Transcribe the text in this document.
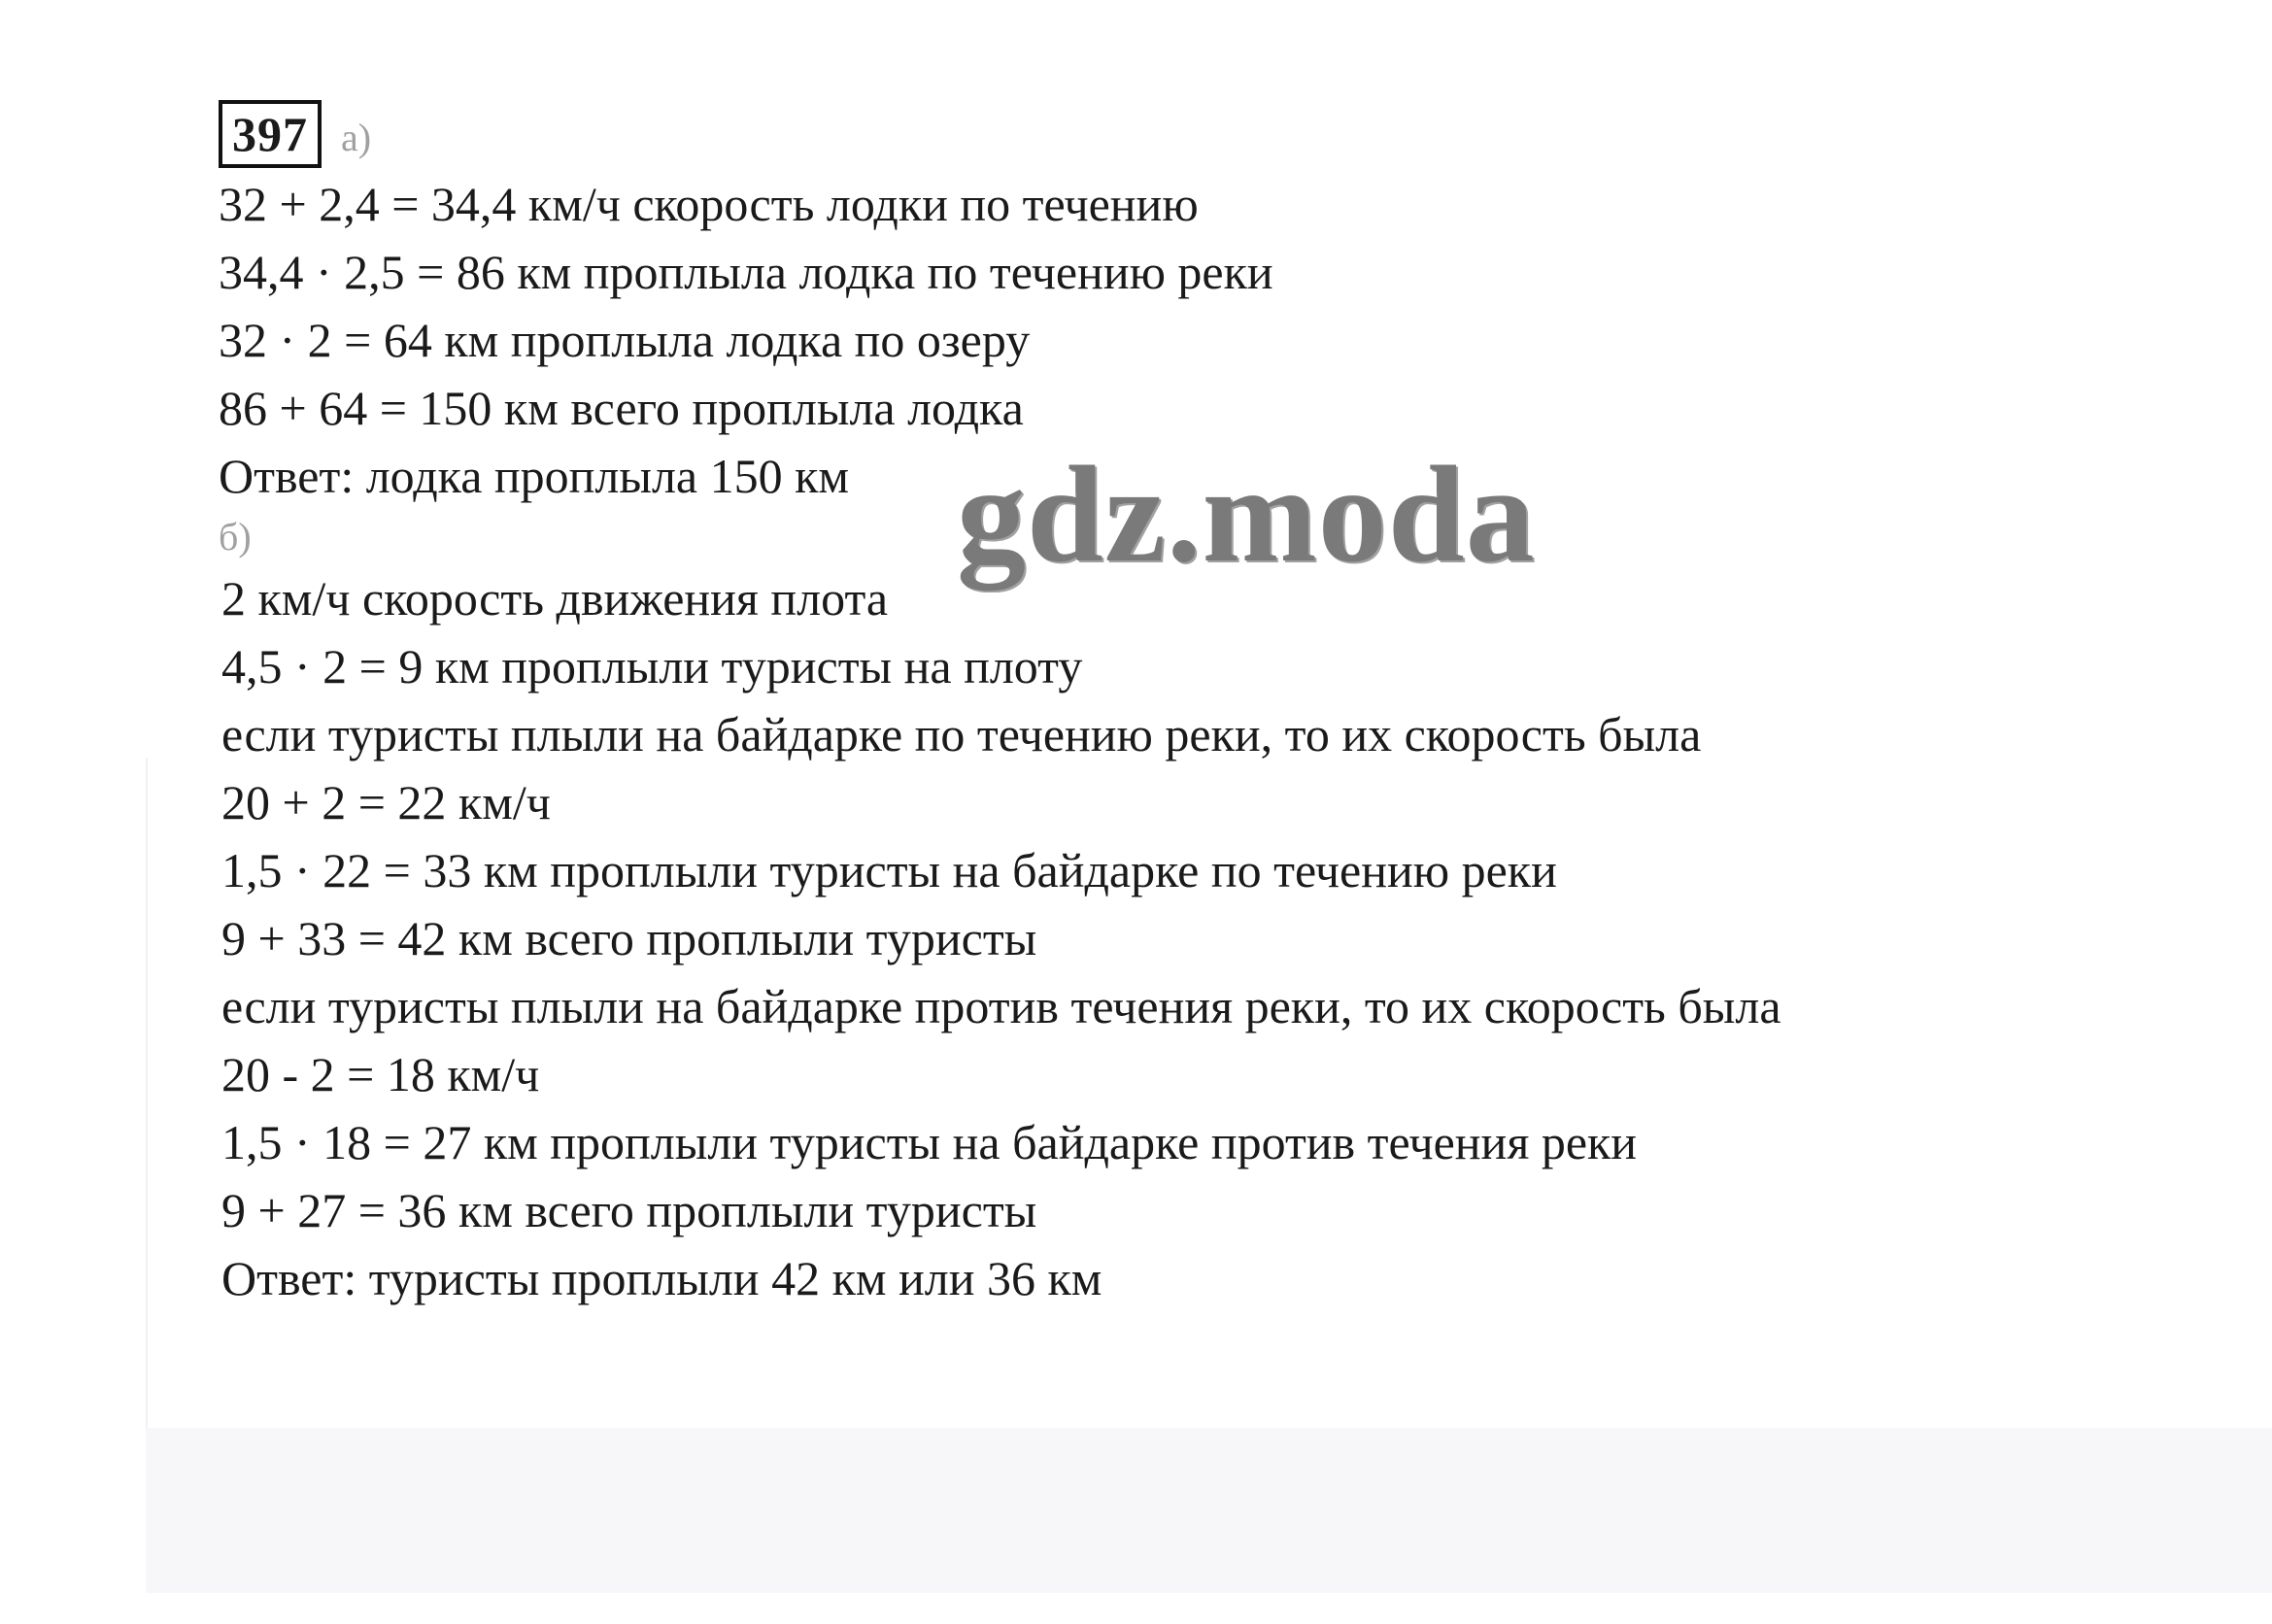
397 а)
32 + 2,4 = 34,4 км/ч скорость лодки по течению
34,4 · 2,5 = 86 км проплыла лодка по течению реки
32 · 2 = 64 км проплыла лодка по озеру
86 + 64 = 150 км всего проплыла лодка
Ответ: лодка проплыла 150 км
б)
2 км/ч скорость движения плота
4,5 · 2 = 9 км проплыли туристы на плоту
если туристы плыли на байдарке по течению реки, то их скорость была
20 + 2 = 22 км/ч
1,5 · 22 = 33 км проплыли туристы на байдарке по течению реки
9 + 33 = 42 км всего проплыли туристы
если туристы плыли на байдарке против течения реки, то их скорость была
20 - 2 = 18 км/ч
1,5 · 18 = 27 км проплыли туристы на байдарке против течения реки
9 + 27 = 36 км всего проплыли туристы
Ответ: туристы проплыли 42 км или 36 км
gdz.moda
